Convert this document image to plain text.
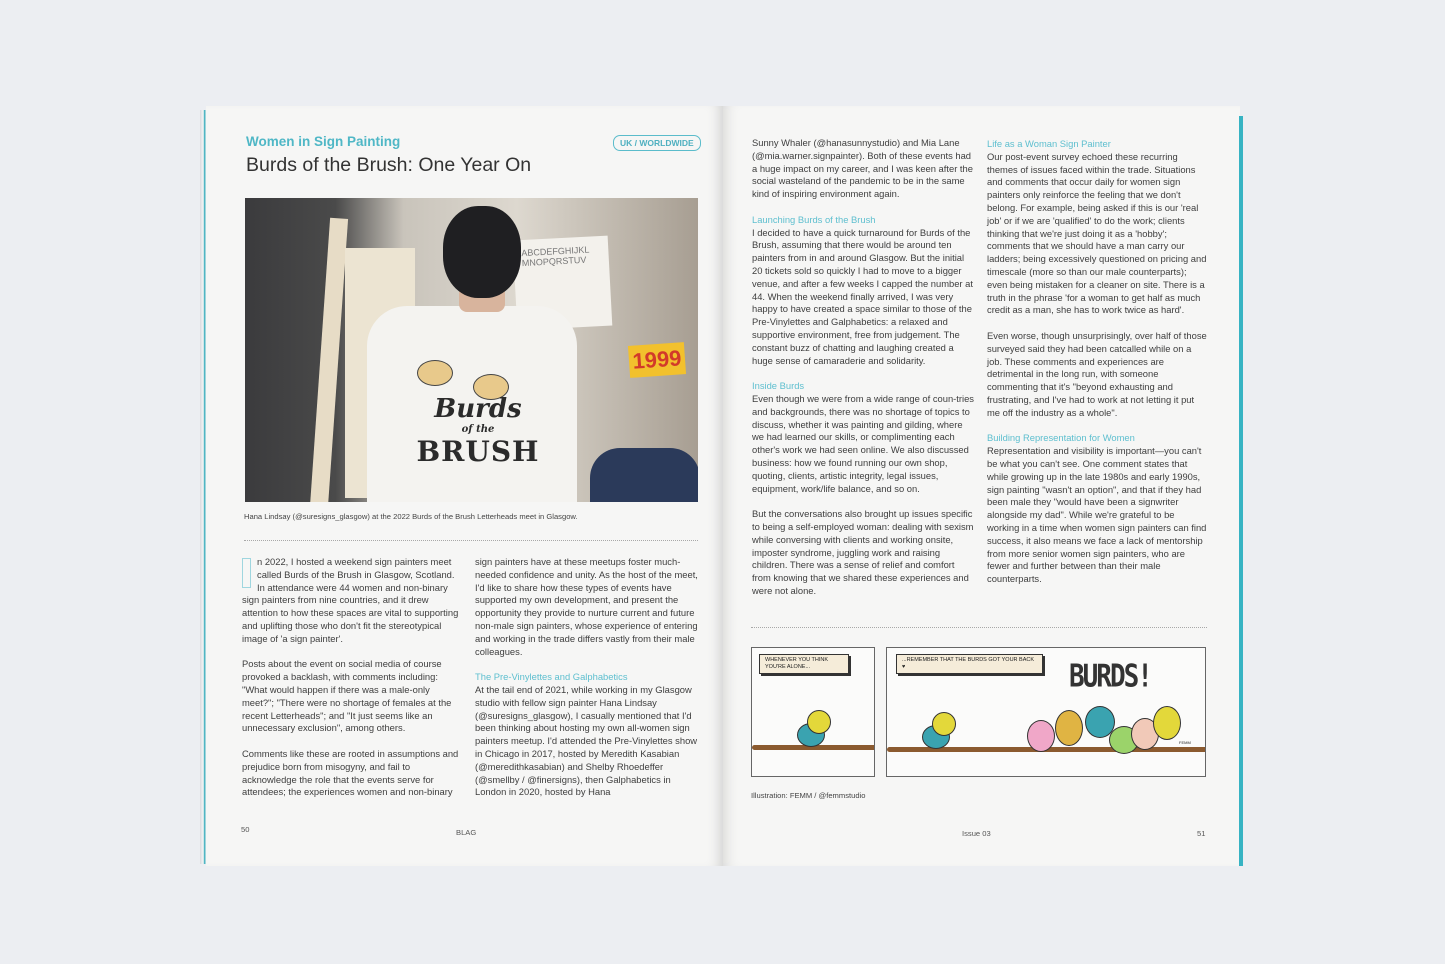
Women in Sign Painting
Burds of the Brush: One Year On
UK / WORLDWIDE
ABCDEFGHIJKL MNOPQRSTUV
1999
Burds
of the
BRUSH
Hana Lindsay (@suresigns_glasgow) at the 2022 Burds of the Brush Letterheads meet in Glasgow.

n 2022, I hosted a weekend sign painters meet called Burds of the Brush in Glasgow, Scotland. In attendance were 44 women and non-binary sign painters from nine countries, and it drew attention to how these spaces are vital to supporting and uplifting those who don't fit the stereotypical image of 'a sign painter'.

Posts about the event on social media of course provoked a backlash, with comments including: "What would happen if there was a male-only meet?"; "There were no shortage of females at the recent Letterheads"; and "It just seems like an unnecessary exclusion", among others.

Comments like these are rooted in assumptions and prejudice born from misogyny, and fail to acknowledge the role that the events serve for attendees; the experiences women and non-binary

sign painters have at these meetups foster much-needed confidence and unity. As the host of the meet, I'd like to share how these types of events have supported my own development, and present the opportunity they provide to nurture current and future non-male sign painters, whose experience of entering and working in the trade differs vastly from their male colleagues.

The Pre-Vinylettes and Galphabetics

At the tail end of 2021, while working in my Glasgow studio with fellow sign painter Hana Lindsay (@suresigns_glasgow), I casually mentioned that I'd been thinking about hosting my own all-women sign painters meetup. I'd attended the Pre-Vinylettes show in Chicago in 2017, hosted by Meredith Kasabian (@meredithkasabian) and Shelby Rhoedeffer (@smellby / @finersigns), then Galphabetics in London in 2020, hosted by Hana

50	BLAG

Sunny Whaler (@hanasunnystudio) and Mia Lane (@mia.warner.signpainter). Both of these events had a huge impact on my career, and I was keen after the social wasteland of the pandemic to be in the same kind of inspiring environment again.

Launching Burds of the Brush

I decided to have a quick turnaround for Burds of the Brush, assuming that there would be around ten painters from in and around Glasgow. But the initial 20 tickets sold so quickly I had to move to a bigger venue, and after a few weeks I capped the number at 44. When the weekend finally arrived, I was very happy to have created a space similar to those of the Pre-Vinylettes and Galphabetics: a relaxed and supportive environment, free from judgement. The constant buzz of chatting and laughing created a huge sense of camaraderie and solidarity.

Inside Burds

Even though we were from a wide range of coun-tries and backgrounds, there was no shortage of topics to discuss, whether it was painting and gilding, where we had learned our skills, or complimenting each other's work we had seen online. We also discussed business: how we found running our own shop, quoting, clients, artistic integrity, legal issues, equipment, work/life balance, and so on.

But the conversations also brought up issues specific to being a self-employed woman: dealing with sexism while conversing with clients and working onsite, imposter syndrome, juggling work and raising children. There was a sense of relief and comfort from knowing that we shared these experiences and were not alone.

Life as a Woman Sign Painter

Our post-event survey echoed these recurring themes of issues faced within the trade. Situations and comments that occur daily for women sign painters only reinforce the feeling that we don't belong. For example, being asked if this is our 'real job' or if we are 'qualified' to do the work; clients thinking that we're just doing it as a 'hobby'; comments that we should have a man carry our ladders; being excessively questioned on pricing and timescale (more so than our male counterparts); even being mistaken for a cleaner on site. There is a truth in the phrase 'for a woman to get half as much credit as a man, she has to work twice as hard'.

Even worse, though unsurprisingly, over half of those surveyed said they had been catcalled while on a job. These comments and experiences are detrimental in the long run, with someone commenting that it's "beyond exhausting and frustrating, and I've had to work at not letting it put me off the industry as a whole".

Building Representation for Women

Representation and visibility is important—you can't be what you can't see. One comment states that while growing up in the late 1980s and early 1990s, sign painting "wasn't an option", and that if they had been male they "would have been a signwriter alongside my dad". While we're grateful to be working in a time when women sign painters can find success, it also means we face a lack of mentorship from more senior women sign painters, who are fewer and further between than their male counterparts.

WHENEVER YOU THINK YOU'RE ALONE...
...REMEMBER THAT THE BURDS GOT YOUR BACK ♥	BURDS!
FEMM
Illustration: FEMM / @femmstudio
Issue 03	51
